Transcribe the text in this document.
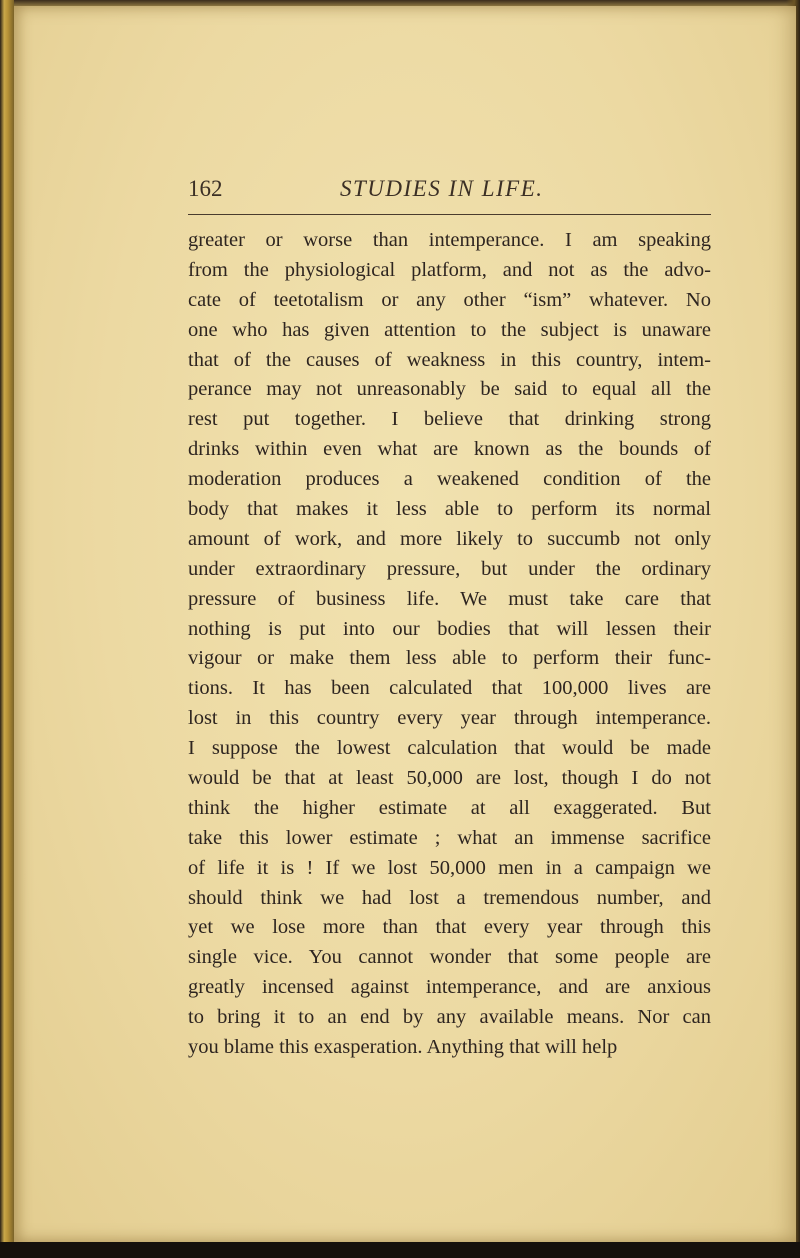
162	STUDIES IN LIFE.
greater or worse than intemperance. I am speaking
from the physiological platform, and not as the advo-
cate of teetotalism or any other “ism” whatever. No
one who has given attention to the subject is unaware
that of the causes of weakness in this country, intem-
perance may not unreasonably be said to equal all the
rest put together. I believe that drinking strong
drinks within even what are known as the bounds of
moderation produces a weakened condition of the
body that makes it less able to perform its normal
amount of work, and more likely to succumb not only
under extraordinary pressure, but under the ordinary
pressure of business life. We must take care that
nothing is put into our bodies that will lessen their
vigour or make them less able to perform their func-
tions. It has been calculated that 100,000 lives are
lost in this country every year through intemperance.
I suppose the lowest calculation that would be made
would be that at least 50,000 are lost, though I do not
think the higher estimate at all exaggerated. But
take this lower estimate ; what an immense sacrifice
of life it is ! If we lost 50,000 men in a campaign we
should think we had lost a tremendous number, and
yet we lose more than that every year through this
single vice. You cannot wonder that some people are
greatly incensed against intemperance, and are anxious
to bring it to an end by any available means. Nor can
you blame this exasperation. Anything that will help
